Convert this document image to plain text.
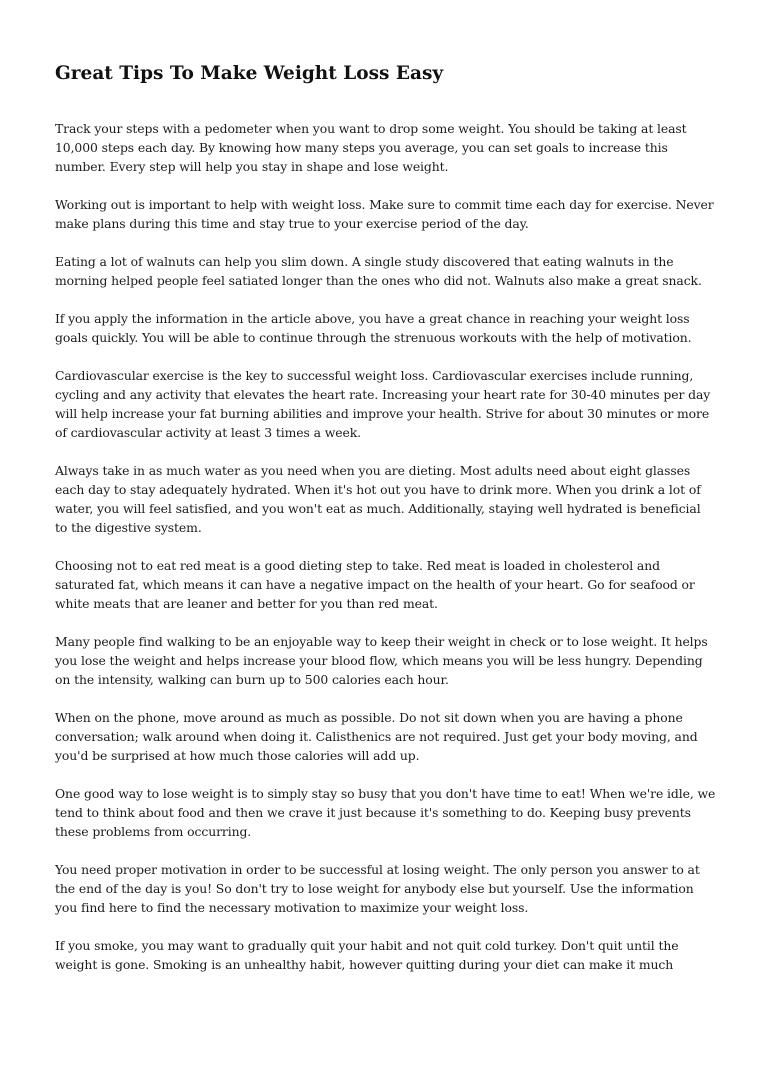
Great Tips To Make Weight Loss Easy

Track your steps with a pedometer when you want to drop some weight. You should be taking at least 10,000 steps each day. By knowing how many steps you average, you can set goals to increase this number. Every step will help you stay in shape and lose weight.

Working out is important to help with weight loss. Make sure to commit time each day for exercise. Never make plans during this time and stay true to your exercise period of the day.

Eating a lot of walnuts can help you slim down. A single study discovered that eating walnuts in the morning helped people feel satiated longer than the ones who did not. Walnuts also make a great snack.

If you apply the information in the article above, you have a great chance in reaching your weight loss goals quickly. You will be able to continue through the strenuous workouts with the help of motivation.

Cardiovascular exercise is the key to successful weight loss. Cardiovascular exercises include running, cycling and any activity that elevates the heart rate. Increasing your heart rate for 30-40 minutes per day will help increase your fat burning abilities and improve your health. Strive for about 30 minutes or more of cardiovascular activity at least 3 times a week.

Always take in as much water as you need when you are dieting. Most adults need about eight glasses each day to stay adequately hydrated. When it's hot out you have to drink more. When you drink a lot of water, you will feel satisfied, and you won't eat as much. Additionally, staying well hydrated is beneficial to the digestive system.

Choosing not to eat red meat is a good dieting step to take. Red meat is loaded in cholesterol and saturated fat, which means it can have a negative impact on the health of your heart. Go for seafood or white meats that are leaner and better for you than red meat.

Many people find walking to be an enjoyable way to keep their weight in check or to lose weight. It helps you lose the weight and helps increase your blood flow, which means you will be less hungry. Depending on the intensity, walking can burn up to 500 calories each hour.

When on the phone, move around as much as possible. Do not sit down when you are having a phone conversation; walk around when doing it. Calisthenics are not required. Just get your body moving, and you'd be surprised at how much those calories will add up.

One good way to lose weight is to simply stay so busy that you don't have time to eat! When we're idle, we tend to think about food and then we crave it just because it's something to do. Keeping busy prevents these problems from occurring.

You need proper motivation in order to be successful at losing weight. The only person you answer to at the end of the day is you! So don't try to lose weight for anybody else but yourself. Use the information you find here to find the necessary motivation to maximize your weight loss.

If you smoke, you may want to gradually quit your habit and not quit cold turkey. Don't quit until the weight is gone. Smoking is an unhealthy habit, however quitting during your diet can make it much
